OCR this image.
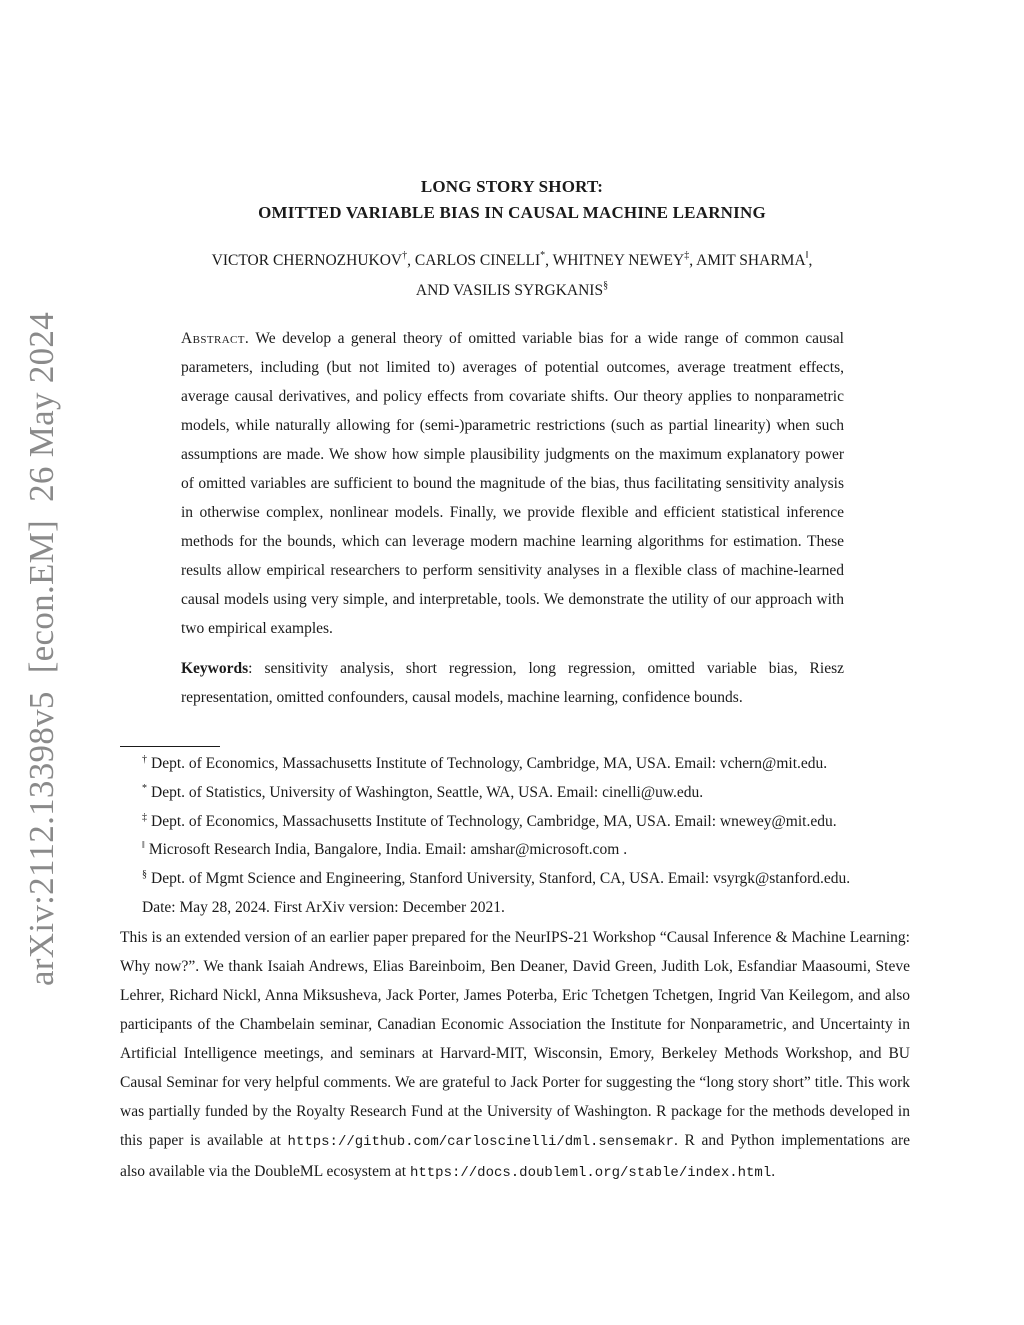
arXiv:2112.13398v5[econ.EM]26 May 2024
LONG STORY SHORT:
OMITTED VARIABLE BIAS IN CAUSAL MACHINE LEARNING
VICTOR CHERNOZHUKOV†, CARLOS CINELLI*, WHITNEY NEWEY‡, AMIT SHARMA‖,
AND VASILIS SYRGKANIS§
Abstract. We develop a general theory of omitted variable bias for a wide range of common causal parameters, including (but not limited to) averages of potential outcomes, average treatment effects, average causal derivatives, and policy effects from covariate shifts. Our theory applies to nonparametric models, while naturally allowing for (semi-)parametric restrictions (such as partial linearity) when such assumptions are made. We show how simple plausibility judgments on the maximum explanatory power of omitted variables are sufficient to bound the magnitude of the bias, thus facilitating sensitivity analysis in otherwise complex, nonlinear models. Finally, we provide flexible and efficient statistical inference methods for the bounds, which can leverage modern machine learning algorithms for estimation. These results allow empirical researchers to perform sensitivity analyses in a flexible class of machine-learned causal models using very simple, and interpretable, tools. We demonstrate the utility of our approach with two empirical examples.
Keywords: sensitivity analysis, short regression, long regression, omitted variable bias, Riesz representation, omitted confounders, causal models, machine learning, confidence bounds.
† Dept. of Economics, Massachusetts Institute of Technology, Cambridge, MA, USA. Email: vchern@mit.edu.
* Dept. of Statistics, University of Washington, Seattle, WA, USA. Email: cinelli@uw.edu.
‡ Dept. of Economics, Massachusetts Institute of Technology, Cambridge, MA, USA. Email: wnewey@mit.edu.
‖ Microsoft Research India, Bangalore, India. Email: amshar@microsoft.com .
§ Dept. of Mgmt Science and Engineering, Stanford University, Stanford, CA, USA. Email: vsyrgk@stanford.edu.
Date: May 28, 2024. First ArXiv version: December 2021.
This is an extended version of an earlier paper prepared for the NeurIPS-21 Workshop “Causal Inference & Machine Learning: Why now?”. We thank Isaiah Andrews, Elias Bareinboim, Ben Deaner, David Green, Judith Lok, Esfandiar Maasoumi, Steve Lehrer, Richard Nickl, Anna Miksusheva, Jack Porter, James Poterba, Eric Tchetgen Tchetgen, Ingrid Van Keilegom, and also participants of the Chambelain seminar, Canadian Economic Association the Institute for Nonparametric, and Uncertainty in Artificial Intelligence meetings, and seminars at Harvard-MIT, Wisconsin, Emory, Berkeley Methods Workshop, and BU Causal Seminar for very helpful comments. We are grateful to Jack Porter for suggesting the “long story short” title. This work was partially funded by the Royalty Research Fund at the University of Washington. R package for the methods developed in this paper is available at https://github.com/carloscinelli/dml.sensemakr. R and Python implementations are also available via the DoubleML ecosystem at https://docs.doubleml.org/stable/index.html.
